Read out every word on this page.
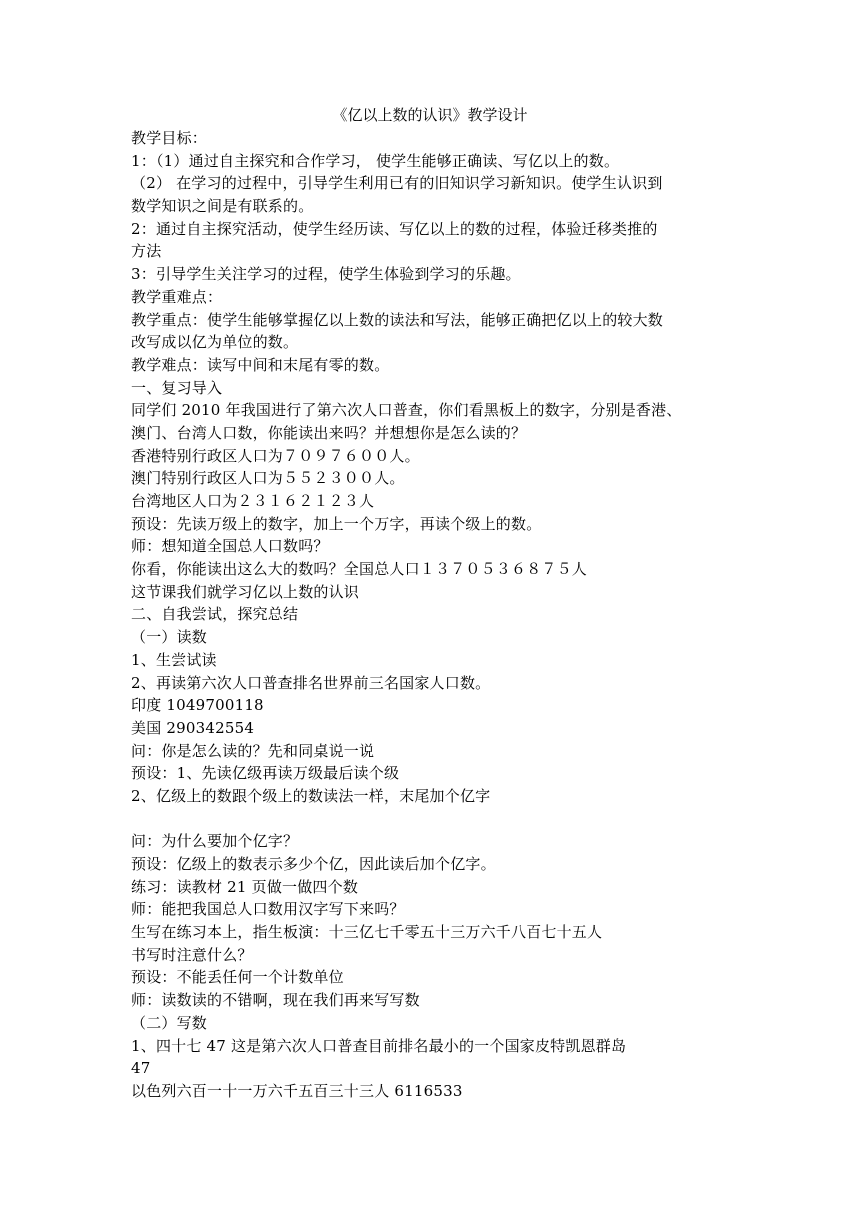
《亿以上数的认识》教学设计
教学目标：
1：（1）通过自主探究和合作学习， 使学生能够正确读、写亿以上的数。
（2） 在学习的过程中，引导学生利用已有的旧知识学习新知识。使学生认识到
数学知识之间是有联系的。
2：通过自主探究活动，使学生经历读、写亿以上的数的过程，体验迁移类推的
方法
3：引导学生关注学习的过程，使学生体验到学习的乐趣。
教学重难点：
教学重点：使学生能够掌握亿以上数的读法和写法，能够正确把亿以上的较大数
改写成以亿为单位的数。
教学难点：读写中间和末尾有零的数。
一、复习导入
同学们 2010 年我国进行了第六次人口普查，你们看黑板上的数字，分别是香港、
澳门、台湾人口数，你能读出来吗？并想想你是怎么读的？
香港特别行政区人口为７０９７６００人。
澳门特别行政区人口为５５２３００人。
台湾地区人口为２３１６２１２３人
预设：先读万级上的数字，加上一个万字，再读个级上的数。
师：想知道全国总人口数吗？
你看，你能读出这么大的数吗？全国总人口１３７０５３６８７５人
这节课我们就学习亿以上数的认识
二、自我尝试，探究总结
（一）读数
1、生尝试读
2、再读第六次人口普查排名世界前三名国家人口数。
印度 1049700118
美国 290342554
问：你是怎么读的？先和同桌说一说
预设：1、先读亿级再读万级最后读个级
2、亿级上的数跟个级上的数读法一样，末尾加个亿字
问：为什么要加个亿字？
预设：亿级上的数表示多少个亿，因此读后加个亿字。
练习：读教材 21 页做一做四个数
师：能把我国总人口数用汉字写下来吗？
生写在练习本上，指生板演：十三亿七千零五十三万六千八百七十五人
书写时注意什么？
预设：不能丢任何一个计数单位
师：读数读的不错啊，现在我们再来写写数
（二）写数
1、四十七 47 这是第六次人口普查目前排名最小的一个国家皮特凯恩群岛
47
以色列六百一十一万六千五百三十三人 6116533
